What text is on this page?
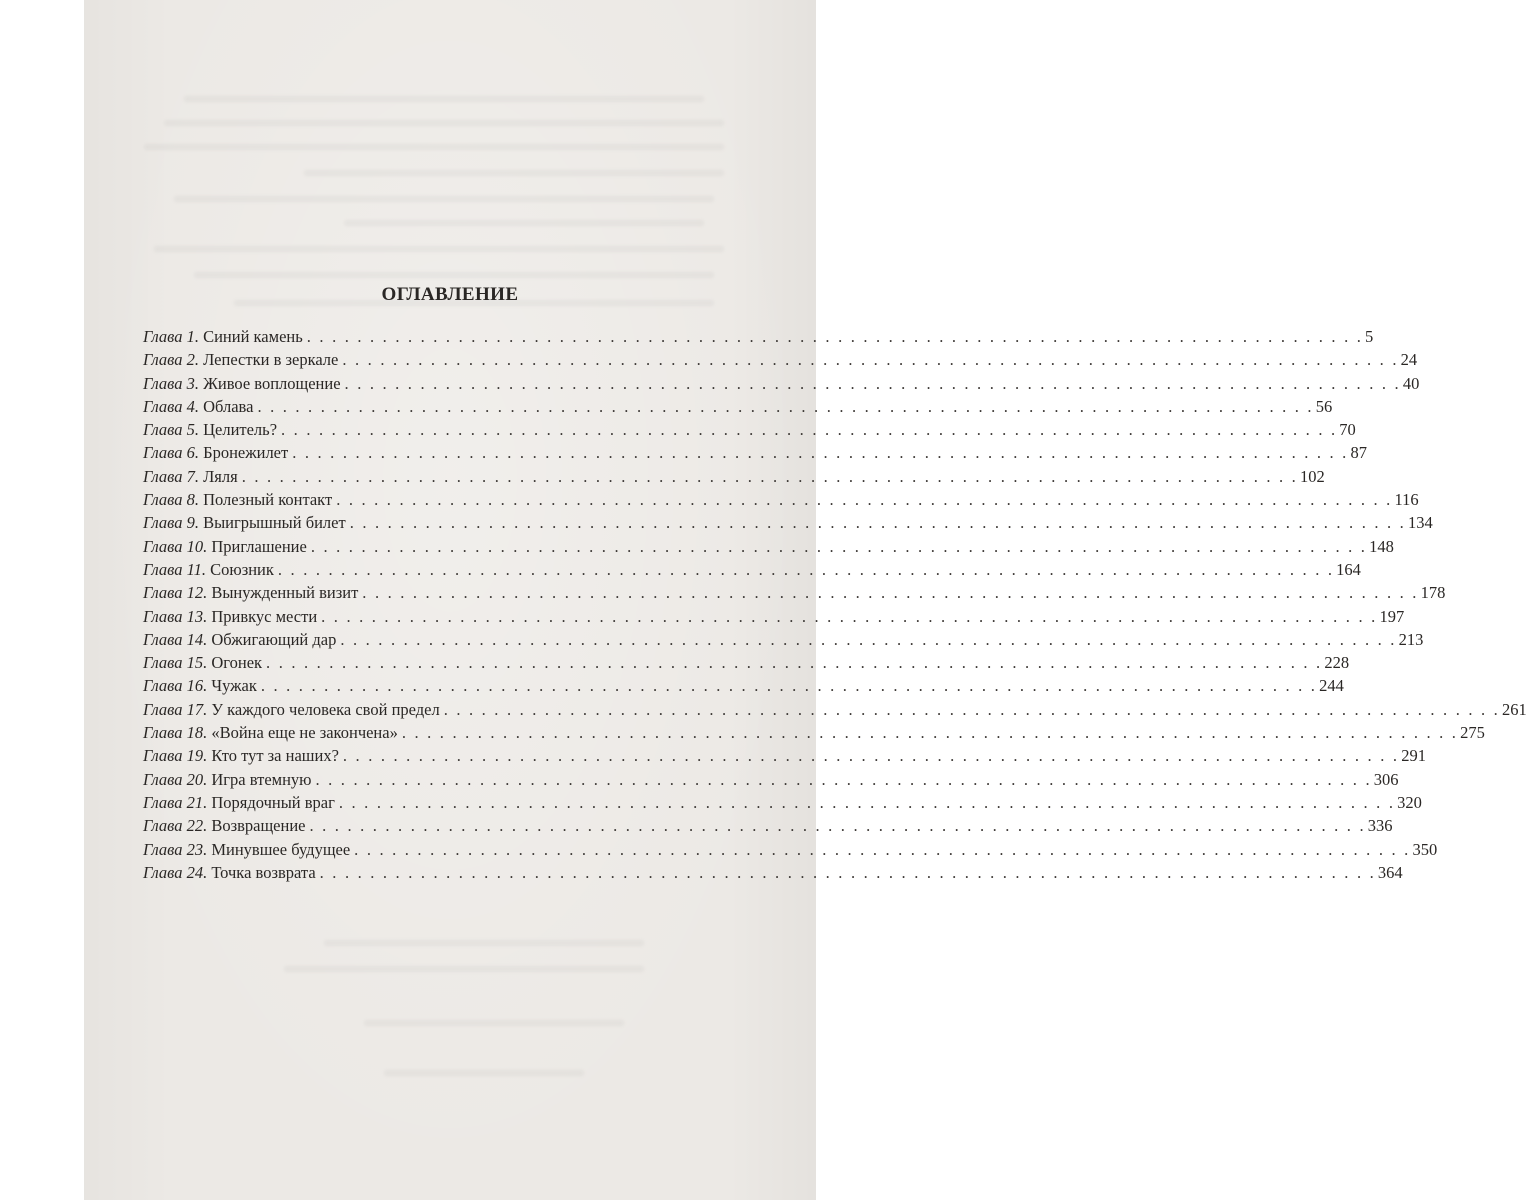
ОГЛАВЛЕНИЕ
Глава 1. Синий камень . . . . . . . . . . . . . . . . . . . . . . . . . . . . . . . . . . . . . . . . . . . . . . . . . . . . . . . . . . . . . . . . . . . . . . . . . . . . . . . . . . . . 5
Глава 2. Лепестки в зеркале . . . . . . . . . . . . . . . . . . . . . . . . . . . . . . . . . . . . . . . . . . . . . . . . . . . . . . . . . . . . . . . . . . . . . . . . . . . . . . . . . . . . 24
Глава 3. Живое воплощение . . . . . . . . . . . . . . . . . . . . . . . . . . . . . . . . . . . . . . . . . . . . . . . . . . . . . . . . . . . . . . . . . . . . . . . . . . . . . . . . . . . . 40
Глава 4. Облава . . . . . . . . . . . . . . . . . . . . . . . . . . . . . . . . . . . . . . . . . . . . . . . . . . . . . . . . . . . . . . . . . . . . . . . . . . . . . . . . . . . . 56
Глава 5. Целитель? . . . . . . . . . . . . . . . . . . . . . . . . . . . . . . . . . . . . . . . . . . . . . . . . . . . . . . . . . . . . . . . . . . . . . . . . . . . . . . . . . . . . 70
Глава 6. Бронежилет . . . . . . . . . . . . . . . . . . . . . . . . . . . . . . . . . . . . . . . . . . . . . . . . . . . . . . . . . . . . . . . . . . . . . . . . . . . . . . . . . . . . 87
Глава 7. Ляля . . . . . . . . . . . . . . . . . . . . . . . . . . . . . . . . . . . . . . . . . . . . . . . . . . . . . . . . . . . . . . . . . . . . . . . . . . . . . . . . . . . . 102
Глава 8. Полезный контакт . . . . . . . . . . . . . . . . . . . . . . . . . . . . . . . . . . . . . . . . . . . . . . . . . . . . . . . . . . . . . . . . . . . . . . . . . . . . . . . . . . . . 116
Глава 9. Выигрышный билет . . . . . . . . . . . . . . . . . . . . . . . . . . . . . . . . . . . . . . . . . . . . . . . . . . . . . . . . . . . . . . . . . . . . . . . . . . . . . . . . . . . . 134
Глава 10. Приглашение . . . . . . . . . . . . . . . . . . . . . . . . . . . . . . . . . . . . . . . . . . . . . . . . . . . . . . . . . . . . . . . . . . . . . . . . . . . . . . . . . . . . 148
Глава 11. Союзник . . . . . . . . . . . . . . . . . . . . . . . . . . . . . . . . . . . . . . . . . . . . . . . . . . . . . . . . . . . . . . . . . . . . . . . . . . . . . . . . . . . . 164
Глава 12. Вынужденный визит . . . . . . . . . . . . . . . . . . . . . . . . . . . . . . . . . . . . . . . . . . . . . . . . . . . . . . . . . . . . . . . . . . . . . . . . . . . . . . . . . . . . 178
Глава 13. Привкус мести . . . . . . . . . . . . . . . . . . . . . . . . . . . . . . . . . . . . . . . . . . . . . . . . . . . . . . . . . . . . . . . . . . . . . . . . . . . . . . . . . . . . 197
Глава 14. Обжигающий дар . . . . . . . . . . . . . . . . . . . . . . . . . . . . . . . . . . . . . . . . . . . . . . . . . . . . . . . . . . . . . . . . . . . . . . . . . . . . . . . . . . . . 213
Глава 15. Огонек . . . . . . . . . . . . . . . . . . . . . . . . . . . . . . . . . . . . . . . . . . . . . . . . . . . . . . . . . . . . . . . . . . . . . . . . . . . . . . . . . . . . 228
Глава 16. Чужак . . . . . . . . . . . . . . . . . . . . . . . . . . . . . . . . . . . . . . . . . . . . . . . . . . . . . . . . . . . . . . . . . . . . . . . . . . . . . . . . . . . . 244
Глава 17. У каждого человека свой предел . . . . . . . . . . . . . . . . . . . . . . . . . . . . . . . . . . . . . . . . . . . . . . . . . . . . . . . . . . . . . . . . . . . . . . . . . . . . . . . . . . . . 261
Глава 18. «Война еще не закончена» . . . . . . . . . . . . . . . . . . . . . . . . . . . . . . . . . . . . . . . . . . . . . . . . . . . . . . . . . . . . . . . . . . . . . . . . . . . . . . . . . . . . 275
Глава 19. Кто тут за наших? . . . . . . . . . . . . . . . . . . . . . . . . . . . . . . . . . . . . . . . . . . . . . . . . . . . . . . . . . . . . . . . . . . . . . . . . . . . . . . . . . . . . 291
Глава 20. Игра втемную . . . . . . . . . . . . . . . . . . . . . . . . . . . . . . . . . . . . . . . . . . . . . . . . . . . . . . . . . . . . . . . . . . . . . . . . . . . . . . . . . . . . 306
Глава 21. Порядочный враг . . . . . . . . . . . . . . . . . . . . . . . . . . . . . . . . . . . . . . . . . . . . . . . . . . . . . . . . . . . . . . . . . . . . . . . . . . . . . . . . . . . . 320
Глава 22. Возвращение . . . . . . . . . . . . . . . . . . . . . . . . . . . . . . . . . . . . . . . . . . . . . . . . . . . . . . . . . . . . . . . . . . . . . . . . . . . . . . . . . . . . 336
Глава 23. Минувшее будущее . . . . . . . . . . . . . . . . . . . . . . . . . . . . . . . . . . . . . . . . . . . . . . . . . . . . . . . . . . . . . . . . . . . . . . . . . . . . . . . . . . . . 350
Глава 24. Точка возврата . . . . . . . . . . . . . . . . . . . . . . . . . . . . . . . . . . . . . . . . . . . . . . . . . . . . . . . . . . . . . . . . . . . . . . . . . . . . . . . . . . . . 364
